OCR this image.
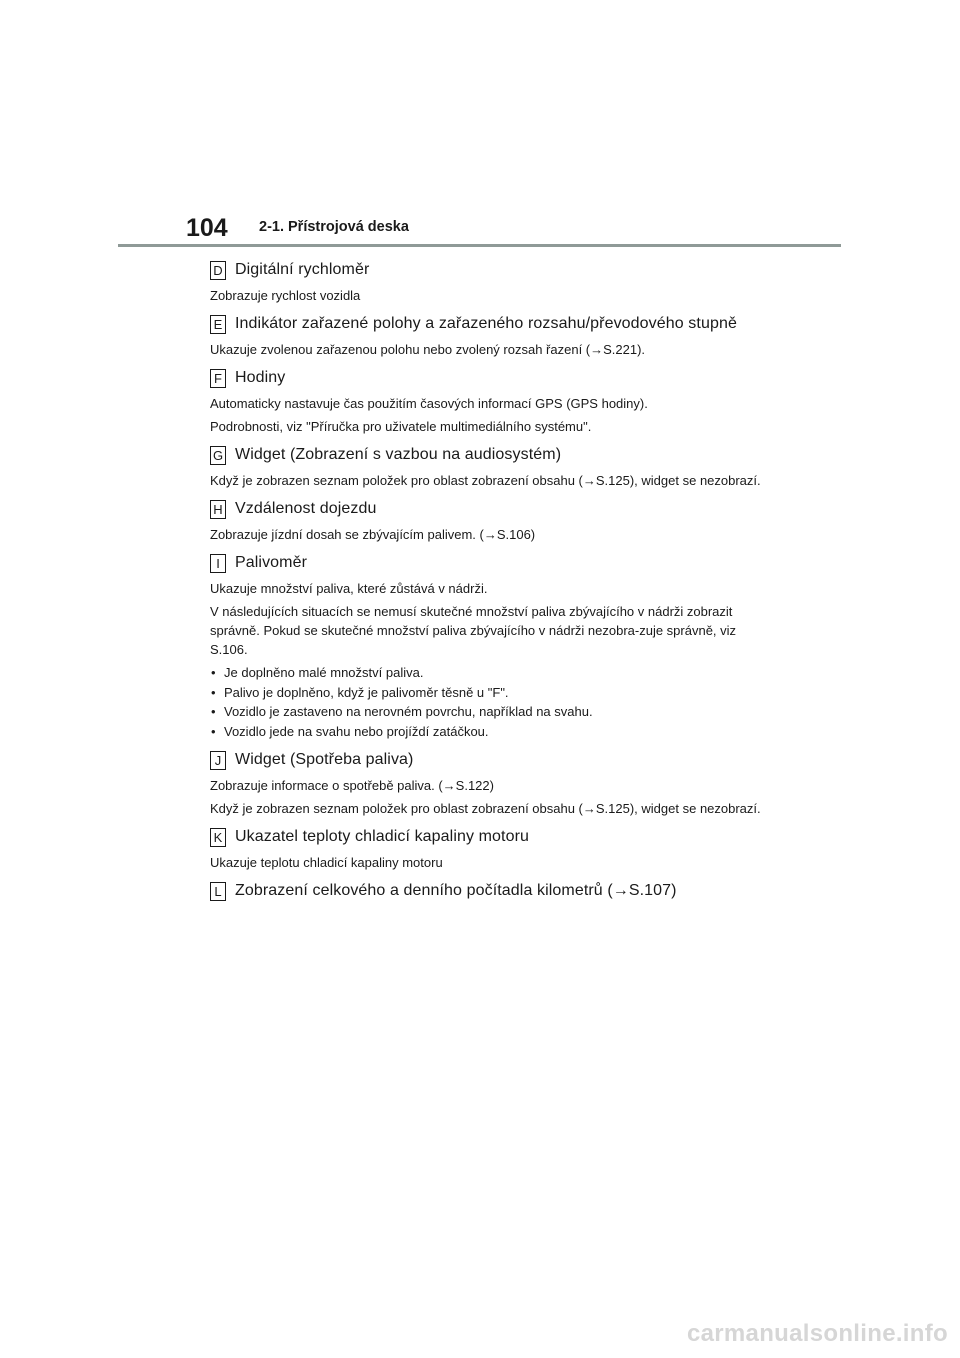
104 2-1. Přístrojová deska
D Digitální rychloměr

Zobrazuje rychlost vozidla

E Indikátor zařazené polohy a zařazeného rozsahu/převodového stupně

Ukazuje zvolenou zařazenou polohu nebo zvolený rozsah řazení (→S.221).

F Hodiny

Automaticky nastavuje čas použitím časových informací GPS (GPS hodiny).

Podrobnosti, viz "Příručka pro uživatele multimediálního systému".

G Widget (Zobrazení s vazbou na audiosystém)

Když je zobrazen seznam položek pro oblast zobrazení obsahu (→S.125), widget se nezobrazí.

H Vzdálenost dojezdu

Zobrazuje jízdní dosah se zbývajícím palivem. (→S.106)

I Palivoměr

Ukazuje množství paliva, které zůstává v nádrži.

V následujících situacích se nemusí skutečné množství paliva zbývajícího v nádrži zobrazit správně. Pokud se skutečné množství paliva zbývajícího v nádrži nezobra-zuje správně, viz S.106.

• Je doplněno malé množství paliva.
• Palivo je doplněno, když je palivoměr těsně u "F".
• Vozidlo je zastaveno na nerovném povrchu, například na svahu.
• Vozidlo jede na svahu nebo projíždí zatáčkou.
J Widget (Spotřeba paliva)

Zobrazuje informace o spotřebě paliva. (→S.122)

Když je zobrazen seznam položek pro oblast zobrazení obsahu (→S.125), widget se nezobrazí.

K Ukazatel teploty chladicí kapaliny motoru

Ukazuje teplotu chladicí kapaliny motoru

L Zobrazení celkového a denního počítadla kilometrů (→S.107)
carmanualsonline.info
